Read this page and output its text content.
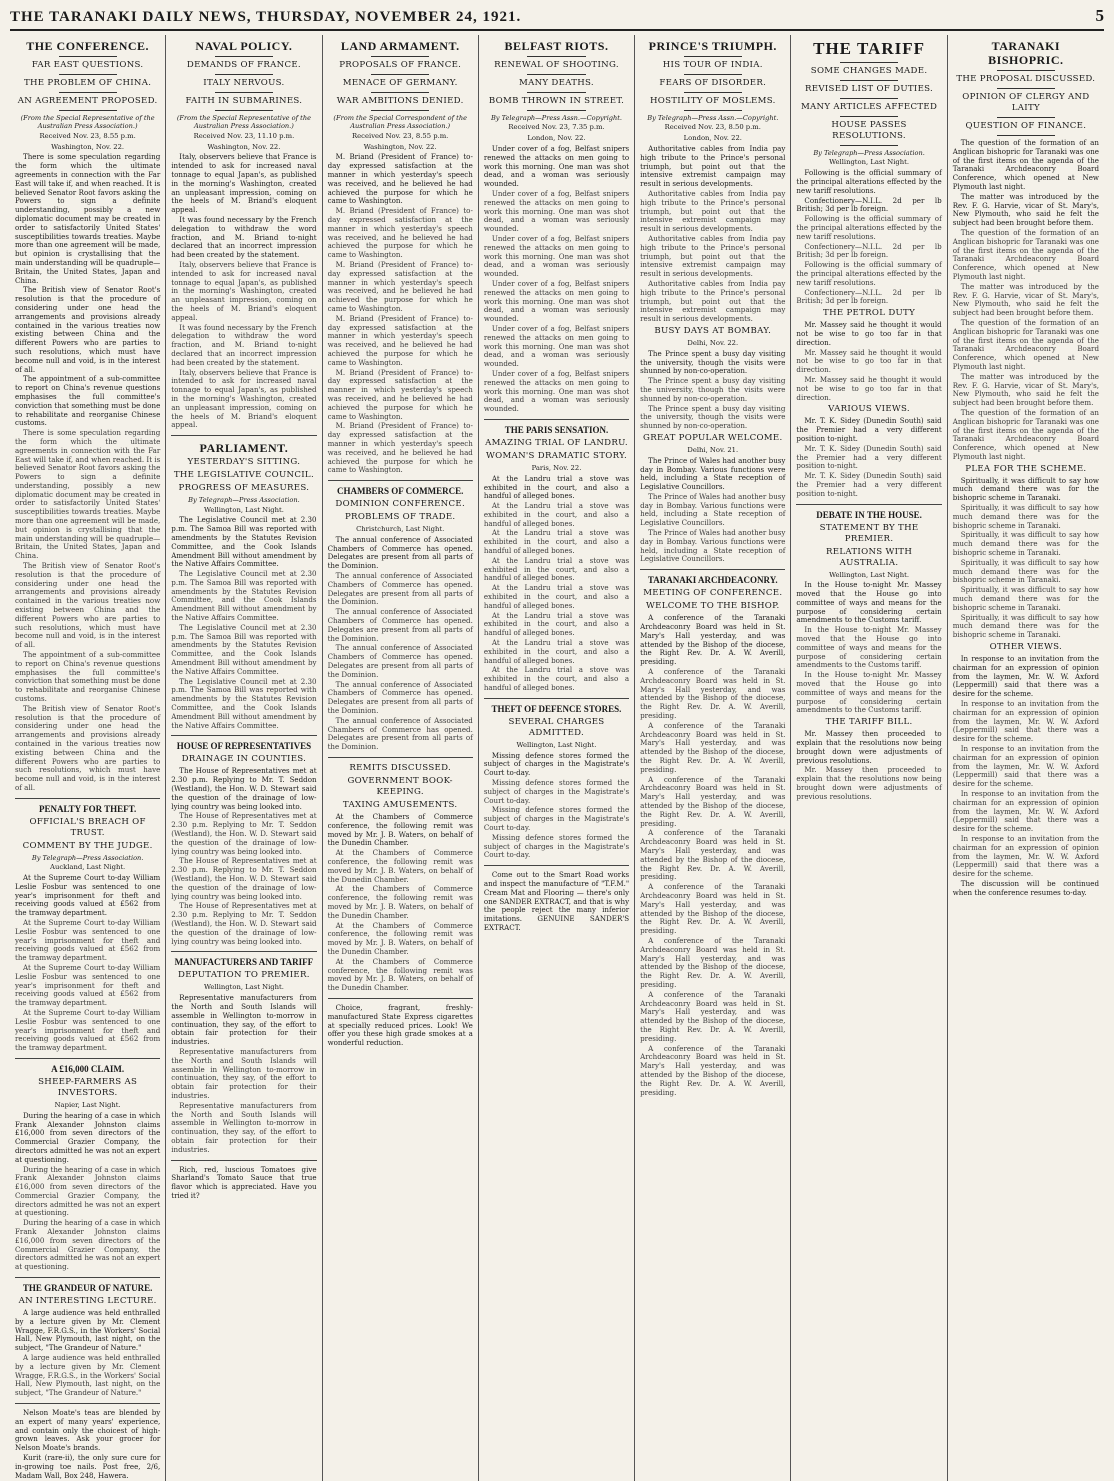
THE TARANAKI DAILY NEWS, THURSDAY, NOVEMBER 24, 1921.	5
THE CONFERENCE.
FAR EAST QUESTIONS.
THE PROBLEM OF CHINA.
AN AGREEMENT PROPOSED.
(From the Special Representative of the Australian Press Association.)
Received Nov. 23, 8.55 p.m.
Washington, Nov. 22.

There is some speculation regarding the form which the ultimate agreements in connection with the Far East will take if, and when reached. It is believed Senator Root favors asking the Powers to sign a definite understanding, possibly a new diplomatic document may be created in order to satisfactorily United States' susceptibilities towards treaties. Maybe more than one agreement will be made, but opinion is crystallising that the main understanding will be quadruple—Britain, the United States, Japan and China.

The British view of Senator Root's resolution is that the procedure of considering under one head the arrangements and provisions already contained in the various treaties now existing between China and the different Powers who are parties to such resolutions, which must have become null and void, is in the interest of all.

The appointment of a sub-committee to report on China's revenue questions emphasises the full committee's conviction that something must be done to rehabilitate and reorganise Chinese customs.

There is some speculation regarding the form which the ultimate agreements in connection with the Far East will take if, and when reached. It is believed Senator Root favors asking the Powers to sign a definite understanding, possibly a new diplomatic document may be created in order to satisfactorily United States' susceptibilities towards treaties. Maybe more than one agreement will be made, but opinion is crystallising that the main understanding will be quadruple—Britain, the United States, Japan and China.

The British view of Senator Root's resolution is that the procedure of considering under one head the arrangements and provisions already contained in the various treaties now existing between China and the different Powers who are parties to such resolutions, which must have become null and void, is in the interest of all.

The appointment of a sub-committee to report on China's revenue questions emphasises the full committee's conviction that something must be done to rehabilitate and reorganise Chinese customs.

The British view of Senator Root's resolution is that the procedure of considering under one head the arrangements and provisions already contained in the various treaties now existing between China and the different Powers who are parties to such resolutions, which must have become null and void, is in the interest of all.

PENALTY FOR THEFT.
OFFICIAL'S BREACH OF TRUST.
COMMENT BY THE JUDGE.
By Telegraph—Press Association.
Auckland, Last Night.

At the Supreme Court to-day William Leslie Fosbur was sentenced to one year's imprisonment for theft and receiving goods valued at £562 from the tramway department.

At the Supreme Court to-day William Leslie Fosbur was sentenced to one year's imprisonment for theft and receiving goods valued at £562 from the tramway department.

At the Supreme Court to-day William Leslie Fosbur was sentenced to one year's imprisonment for theft and receiving goods valued at £562 from the tramway department.

At the Supreme Court to-day William Leslie Fosbur was sentenced to one year's imprisonment for theft and receiving goods valued at £562 from the tramway department.

A £16,000 CLAIM.
SHEEP-FARMERS AS INVESTORS.
Napier, Last Night.

During the hearing of a case in which Frank Alexander Johnston claims £16,000 from seven directors of the Commercial Grazier Company, the directors admitted he was not an expert at questioning.

During the hearing of a case in which Frank Alexander Johnston claims £16,000 from seven directors of the Commercial Grazier Company, the directors admitted he was not an expert at questioning.

During the hearing of a case in which Frank Alexander Johnston claims £16,000 from seven directors of the Commercial Grazier Company, the directors admitted he was not an expert at questioning.

THE GRANDEUR OF NATURE.
AN INTERESTING LECTURE.

A large audience was held enthralled by a lecture given by Mr. Clement Wragge, F.R.G.S., in the Workers' Social Hall, New Plymouth, last night, on the subject, "The Grandeur of Nature."

A large audience was held enthralled by a lecture given by Mr. Clement Wragge, F.R.G.S., in the Workers' Social Hall, New Plymouth, last night, on the subject, "The Grandeur of Nature."

Nelson Moate's teas are blended by an expert of many years' experience, and contain only the choicest of high-grown leaves. Ask your grocer for Nelson Moate's brands.

Kurit (rare-ii), the only sure cure for in-growing toe nails. Post free, 2/6, Madam Wall, Box 248, Hawera.

NAVAL POLICY.
DEMANDS OF FRANCE.
ITALY NERVOUS.
FAITH IN SUBMARINES.
(From the Special Representative of the Australian Press Association.)
Received Nov. 23, 11.10 p.m.
Washington, Nov. 22.

Italy, observers believe that France is intended to ask for increased naval tonnage to equal Japan's, as published in the morning's Washington, created an unpleasant impression, coming on the heels of M. Briand's eloquent appeal.

It was found necessary by the French delegation to withdraw the word fraction, and M. Briand to-night declared that an incorrect impression had been created by the statement.

Italy, observers believe that France is intended to ask for increased naval tonnage to equal Japan's, as published in the morning's Washington, created an unpleasant impression, coming on the heels of M. Briand's eloquent appeal.

It was found necessary by the French delegation to withdraw the word fraction, and M. Briand to-night declared that an incorrect impression had been created by the statement.

Italy, observers believe that France is intended to ask for increased naval tonnage to equal Japan's, as published in the morning's Washington, created an unpleasant impression, coming on the heels of M. Briand's eloquent appeal.

PARLIAMENT.
YESTERDAY'S SITTING.
THE LEGISLATIVE COUNCIL.
PROGRESS OF MEASURES.
By Telegraph—Press Association.
Wellington, Last Night.

The Legislative Council met at 2.30 p.m. The Samoa Bill was reported with amendments by the Statutes Revision Committee, and the Cook Islands Amendment Bill without amendment by the Native Affairs Committee.

The Legislative Council met at 2.30 p.m. The Samoa Bill was reported with amendments by the Statutes Revision Committee, and the Cook Islands Amendment Bill without amendment by the Native Affairs Committee.

The Legislative Council met at 2.30 p.m. The Samoa Bill was reported with amendments by the Statutes Revision Committee, and the Cook Islands Amendment Bill without amendment by the Native Affairs Committee.

The Legislative Council met at 2.30 p.m. The Samoa Bill was reported with amendments by the Statutes Revision Committee, and the Cook Islands Amendment Bill without amendment by the Native Affairs Committee.

HOUSE OF REPRESENTATIVES
DRAINAGE IN COUNTIES.

The House of Representatives met at 2.30 p.m. Replying to Mr. T. Seddon (Westland), the Hon. W. D. Stewart said the question of the drainage of low-lying country was being looked into.

The House of Representatives met at 2.30 p.m. Replying to Mr. T. Seddon (Westland), the Hon. W. D. Stewart said the question of the drainage of low-lying country was being looked into.

The House of Representatives met at 2.30 p.m. Replying to Mr. T. Seddon (Westland), the Hon. W. D. Stewart said the question of the drainage of low-lying country was being looked into.

The House of Representatives met at 2.30 p.m. Replying to Mr. T. Seddon (Westland), the Hon. W. D. Stewart said the question of the drainage of low-lying country was being looked into.

MANUFACTURERS AND TARIFF
DEPUTATION TO PREMIER.
Wellington, Last Night.

Representative manufacturers from the North and South Islands will assemble in Wellington to-morrow in continuation, they say, of the effort to obtain fair protection for their industries.

Representative manufacturers from the North and South Islands will assemble in Wellington to-morrow in continuation, they say, of the effort to obtain fair protection for their industries.

Representative manufacturers from the North and South Islands will assemble in Wellington to-morrow in continuation, they say, of the effort to obtain fair protection for their industries.

Rich, red, luscious Tomatoes give Sharland's Tomato Sauce that true flavor which is appreciated. Have you tried it?

LAND ARMAMENT.
PROPOSALS OF FRANCE.
MENACE OF GERMANY.
WAR AMBITIONS DENIED.
(From the Special Correspondent of the Australian Press Association.)
Received Nov. 23, 8.55 p.m.
Washington, Nov. 22.

M. Briand (President of France) to-day expressed satisfaction at the manner in which yesterday's speech was received, and he believed he had achieved the purpose for which he came to Washington.

M. Briand (President of France) to-day expressed satisfaction at the manner in which yesterday's speech was received, and he believed he had achieved the purpose for which he came to Washington.

M. Briand (President of France) to-day expressed satisfaction at the manner in which yesterday's speech was received, and he believed he had achieved the purpose for which he came to Washington.

M. Briand (President of France) to-day expressed satisfaction at the manner in which yesterday's speech was received, and he believed he had achieved the purpose for which he came to Washington.

M. Briand (President of France) to-day expressed satisfaction at the manner in which yesterday's speech was received, and he believed he had achieved the purpose for which he came to Washington.

M. Briand (President of France) to-day expressed satisfaction at the manner in which yesterday's speech was received, and he believed he had achieved the purpose for which he came to Washington.

CHAMBERS OF COMMERCE.
DOMINION CONFERENCE.
PROBLEMS OF TRADE.
Christchurch, Last Night.

The annual conference of Associated Chambers of Commerce has opened. Delegates are present from all parts of the Dominion.

The annual conference of Associated Chambers of Commerce has opened. Delegates are present from all parts of the Dominion.

The annual conference of Associated Chambers of Commerce has opened. Delegates are present from all parts of the Dominion.

The annual conference of Associated Chambers of Commerce has opened. Delegates are present from all parts of the Dominion.

The annual conference of Associated Chambers of Commerce has opened. Delegates are present from all parts of the Dominion.

The annual conference of Associated Chambers of Commerce has opened. Delegates are present from all parts of the Dominion.

REMITS DISCUSSED.
GOVERNMENT BOOK-KEEPING.
TAXING AMUSEMENTS.

At the Chambers of Commerce conference, the following remit was moved by Mr. J. B. Waters, on behalf of the Dunedin Chamber.

At the Chambers of Commerce conference, the following remit was moved by Mr. J. B. Waters, on behalf of the Dunedin Chamber.

At the Chambers of Commerce conference, the following remit was moved by Mr. J. B. Waters, on behalf of the Dunedin Chamber.

At the Chambers of Commerce conference, the following remit was moved by Mr. J. B. Waters, on behalf of the Dunedin Chamber.

At the Chambers of Commerce conference, the following remit was moved by Mr. J. B. Waters, on behalf of the Dunedin Chamber.

Choice, fragrant, freshly-manufactured State Express cigarettes at specially reduced prices. Look! We offer you these high grade smokes at a wonderful reduction.

BELFAST RIOTS.
RENEWAL OF SHOOTING.
MANY DEATHS.
BOMB THROWN IN STREET.
By Telegraph—Press Assn.—Copyright.
Received Nov. 23, 7.35 p.m.
London, Nov. 22.

Under cover of a fog, Belfast snipers renewed the attacks on men going to work this morning. One man was shot dead, and a woman was seriously wounded.

Under cover of a fog, Belfast snipers renewed the attacks on men going to work this morning. One man was shot dead, and a woman was seriously wounded.

Under cover of a fog, Belfast snipers renewed the attacks on men going to work this morning. One man was shot dead, and a woman was seriously wounded.

Under cover of a fog, Belfast snipers renewed the attacks on men going to work this morning. One man was shot dead, and a woman was seriously wounded.

Under cover of a fog, Belfast snipers renewed the attacks on men going to work this morning. One man was shot dead, and a woman was seriously wounded.

Under cover of a fog, Belfast snipers renewed the attacks on men going to work this morning. One man was shot dead, and a woman was seriously wounded.

THE PARIS SENSATION.
AMAZING TRIAL OF LANDRU.
WOMAN'S DRAMATIC STORY.
Paris, Nov. 22.

At the Landru trial a stove was exhibited in the court, and also a handful of alleged bones.

At the Landru trial a stove was exhibited in the court, and also a handful of alleged bones.

At the Landru trial a stove was exhibited in the court, and also a handful of alleged bones.

At the Landru trial a stove was exhibited in the court, and also a handful of alleged bones.

At the Landru trial a stove was exhibited in the court, and also a handful of alleged bones.

At the Landru trial a stove was exhibited in the court, and also a handful of alleged bones.

At the Landru trial a stove was exhibited in the court, and also a handful of alleged bones.

At the Landru trial a stove was exhibited in the court, and also a handful of alleged bones.

THEFT OF DEFENCE STORES.
SEVERAL CHARGES ADMITTED.
Wellington, Last Night.

Missing defence stores formed the subject of charges in the Magistrate's Court to-day.

Missing defence stores formed the subject of charges in the Magistrate's Court to-day.

Missing defence stores formed the subject of charges in the Magistrate's Court to-day.

Missing defence stores formed the subject of charges in the Magistrate's Court to-day.

Come out to the Smart Road works and inspect the manufacture of "T.F.M." Cream Mat and Flooring — there's only one SANDER EXTRACT, and that is why the people reject the many inferior imitations. GENUINE SANDER'S EXTRACT.

PRINCE'S TRIUMPH.
HIS TOUR OF INDIA.
FEARS OF DISORDER.
HOSTILITY OF MOSLEMS.
By Telegraph—Press Assn.—Copyright.
Received Nov. 23, 8.50 p.m.
London, Nov. 22.

Authoritative cables from India pay high tribute to the Prince's personal triumph, but point out that the intensive extremist campaign may result in serious developments.

Authoritative cables from India pay high tribute to the Prince's personal triumph, but point out that the intensive extremist campaign may result in serious developments.

Authoritative cables from India pay high tribute to the Prince's personal triumph, but point out that the intensive extremist campaign may result in serious developments.

Authoritative cables from India pay high tribute to the Prince's personal triumph, but point out that the intensive extremist campaign may result in serious developments.

BUSY DAYS AT BOMBAY.
Delhi, Nov. 22.

The Prince spent a busy day visiting the university, though the visits were shunned by non-co-operation.

The Prince spent a busy day visiting the university, though the visits were shunned by non-co-operation.

The Prince spent a busy day visiting the university, though the visits were shunned by non-co-operation.

GREAT POPULAR WELCOME.
Delhi, Nov. 21.

The Prince of Wales had another busy day in Bombay. Various functions were held, including a State reception of Legislative Councillors.

The Prince of Wales had another busy day in Bombay. Various functions were held, including a State reception of Legislative Councillors.

The Prince of Wales had another busy day in Bombay. Various functions were held, including a State reception of Legislative Councillors.

TARANAKI ARCHDEACONRY.
MEETING OF CONFERENCE.
WELCOME TO THE BISHOP.

A conference of the Taranaki Archdeaconry Board was held in St. Mary's Hall yesterday, and was attended by the Bishop of the diocese, the Right Rev. Dr. A. W. Averill, presiding.

A conference of the Taranaki Archdeaconry Board was held in St. Mary's Hall yesterday, and was attended by the Bishop of the diocese, the Right Rev. Dr. A. W. Averill, presiding.

A conference of the Taranaki Archdeaconry Board was held in St. Mary's Hall yesterday, and was attended by the Bishop of the diocese, the Right Rev. Dr. A. W. Averill, presiding.

A conference of the Taranaki Archdeaconry Board was held in St. Mary's Hall yesterday, and was attended by the Bishop of the diocese, the Right Rev. Dr. A. W. Averill, presiding.

A conference of the Taranaki Archdeaconry Board was held in St. Mary's Hall yesterday, and was attended by the Bishop of the diocese, the Right Rev. Dr. A. W. Averill, presiding.

A conference of the Taranaki Archdeaconry Board was held in St. Mary's Hall yesterday, and was attended by the Bishop of the diocese, the Right Rev. Dr. A. W. Averill, presiding.

A conference of the Taranaki Archdeaconry Board was held in St. Mary's Hall yesterday, and was attended by the Bishop of the diocese, the Right Rev. Dr. A. W. Averill, presiding.

A conference of the Taranaki Archdeaconry Board was held in St. Mary's Hall yesterday, and was attended by the Bishop of the diocese, the Right Rev. Dr. A. W. Averill, presiding.

A conference of the Taranaki Archdeaconry Board was held in St. Mary's Hall yesterday, and was attended by the Bishop of the diocese, the Right Rev. Dr. A. W. Averill, presiding.

THE TARIFF
SOME CHANGES MADE.
REVISED LIST OF DUTIES.
MANY ARTICLES AFFECTED
HOUSE PASSES RESOLUTIONS.
By Telegraph—Press Association.
Wellington, Last Night.

Following is the official summary of the principal alterations effected by the new tariff resolutions.

Confectionery—N.I.L. 2d per lb British; 3d per lb foreign.

Following is the official summary of the principal alterations effected by the new tariff resolutions.

Confectionery—N.I.L. 2d per lb British; 3d per lb foreign.

Following is the official summary of the principal alterations effected by the new tariff resolutions.

Confectionery—N.I.L. 2d per lb British; 3d per lb foreign.

THE PETROL DUTY

Mr. Massey said he thought it would not be wise to go too far in that direction.

Mr. Massey said he thought it would not be wise to go too far in that direction.

Mr. Massey said he thought it would not be wise to go too far in that direction.

VARIOUS VIEWS.

Mr. T. K. Sidey (Dunedin South) said the Premier had a very different position to-night.

Mr. T. K. Sidey (Dunedin South) said the Premier had a very different position to-night.

Mr. T. K. Sidey (Dunedin South) said the Premier had a very different position to-night.

DEBATE IN THE HOUSE.
STATEMENT BY THE PREMIER.
RELATIONS WITH AUSTRALIA.
Wellington, Last Night.

In the House to-night Mr. Massey moved that the House go into committee of ways and means for the purpose of considering certain amendments to the Customs tariff.

In the House to-night Mr. Massey moved that the House go into committee of ways and means for the purpose of considering certain amendments to the Customs tariff.

In the House to-night Mr. Massey moved that the House go into committee of ways and means for the purpose of considering certain amendments to the Customs tariff.

THE TARIFF BILL.

Mr. Massey then proceeded to explain that the resolutions now being brought down were adjustments of previous resolutions.

Mr. Massey then proceeded to explain that the resolutions now being brought down were adjustments of previous resolutions.

TARANAKI BISHOPRIC.
THE PROPOSAL DISCUSSED.
OPINION OF CLERGY AND LAITY
QUESTION OF FINANCE.

The question of the formation of an Anglican bishopric for Taranaki was one of the first items on the agenda of the Taranaki Archdeaconry Board Conference, which opened at New Plymouth last night.

The matter was introduced by the Rev. F. G. Harvie, vicar of St. Mary's, New Plymouth, who said he felt the subject had been brought before them.

The question of the formation of an Anglican bishopric for Taranaki was one of the first items on the agenda of the Taranaki Archdeaconry Board Conference, which opened at New Plymouth last night.

The matter was introduced by the Rev. F. G. Harvie, vicar of St. Mary's, New Plymouth, who said he felt the subject had been brought before them.

The question of the formation of an Anglican bishopric for Taranaki was one of the first items on the agenda of the Taranaki Archdeaconry Board Conference, which opened at New Plymouth last night.

The matter was introduced by the Rev. F. G. Harvie, vicar of St. Mary's, New Plymouth, who said he felt the subject had been brought before them.

The question of the formation of an Anglican bishopric for Taranaki was one of the first items on the agenda of the Taranaki Archdeaconry Board Conference, which opened at New Plymouth last night.

PLEA FOR THE SCHEME.

Spiritually, it was difficult to say how much demand there was for the bishopric scheme in Taranaki.

Spiritually, it was difficult to say how much demand there was for the bishopric scheme in Taranaki.

Spiritually, it was difficult to say how much demand there was for the bishopric scheme in Taranaki.

Spiritually, it was difficult to say how much demand there was for the bishopric scheme in Taranaki.

Spiritually, it was difficult to say how much demand there was for the bishopric scheme in Taranaki.

Spiritually, it was difficult to say how much demand there was for the bishopric scheme in Taranaki.

OTHER VIEWS.

In response to an invitation from the chairman for an expression of opinion from the laymen, Mr. W. W. Axford (Leppermill) said that there was a desire for the scheme.

In response to an invitation from the chairman for an expression of opinion from the laymen, Mr. W. W. Axford (Leppermill) said that there was a desire for the scheme.

In response to an invitation from the chairman for an expression of opinion from the laymen, Mr. W. W. Axford (Leppermill) said that there was a desire for the scheme.

In response to an invitation from the chairman for an expression of opinion from the laymen, Mr. W. W. Axford (Leppermill) said that there was a desire for the scheme.

In response to an invitation from the chairman for an expression of opinion from the laymen, Mr. W. W. Axford (Leppermill) said that there was a desire for the scheme.

The discussion will be continued when the conference resumes to-day.
